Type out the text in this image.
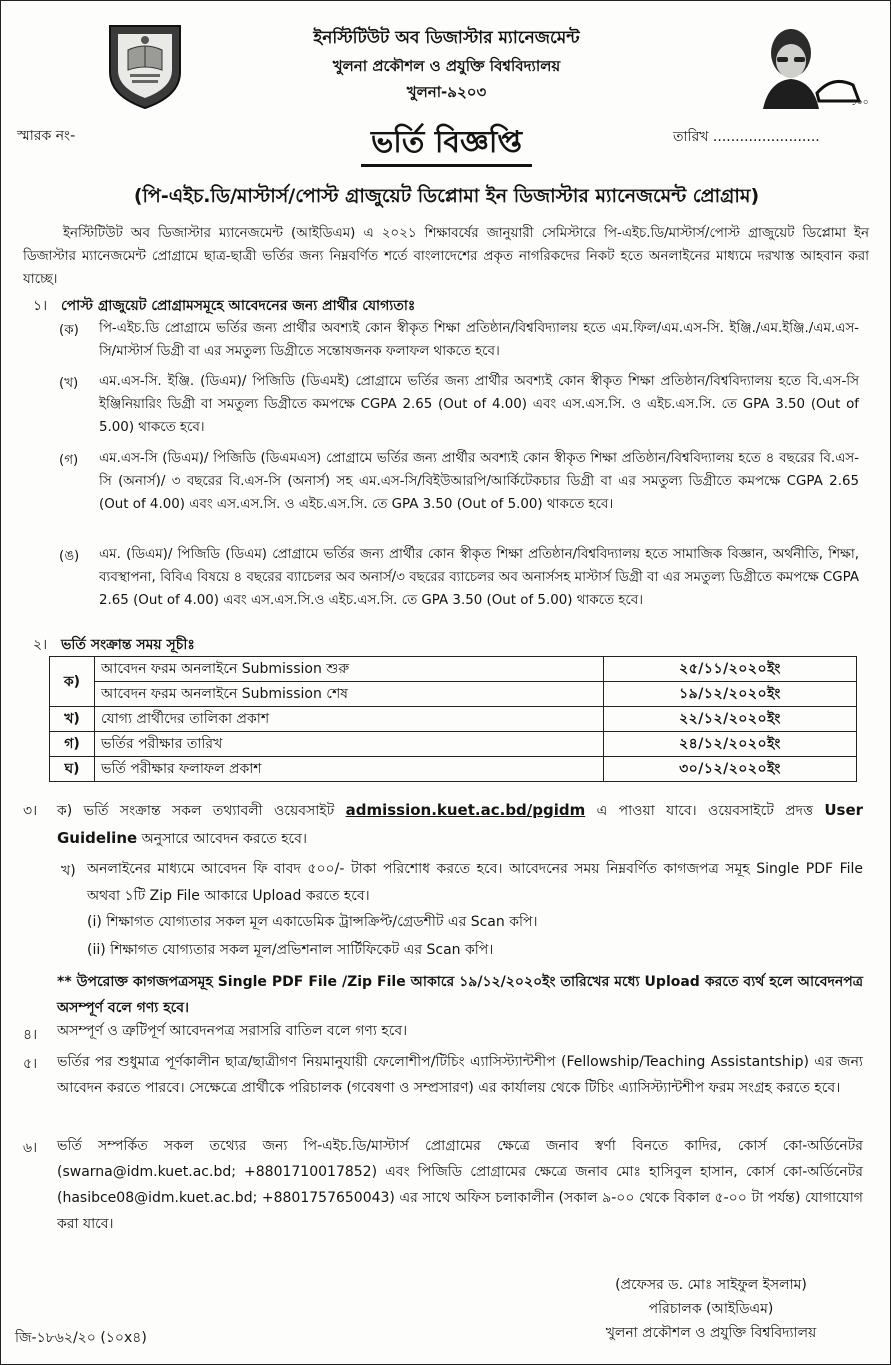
ইনস্টিটিউট অব ডিজাস্টার ম্যানেজমেন্ট
খুলনা প্রকৌশল ও প্রযুক্তি বিশ্ববিদ্যালয়
খুলনা-৯২০৩
১০০
স্মারক নং-	তারিখ ........................
ভর্তি বিজ্ঞপ্তি
(পি-এইচ.ডি/মাস্টার্স/পোস্ট গ্রাজুয়েট ডিপ্লোমা ইন ডিজাস্টার ম্যানেজমেন্ট প্রোগ্রাম)
ইনস্টিটিউট অব ডিজাস্টার ম্যানেজমেন্ট (আইডিএম) এ ২০২১ শিক্ষাবর্ষের জানুয়ারী সেমিস্টারে পি-এইচ.ডি/মাস্টার্স/পোস্ট গ্রাজুয়েট ডিপ্লোমা ইন ডিজাস্টার ম্যানেজমেন্ট প্রোগ্রামে ছাত্র-ছাত্রী ভর্তির জন্য নিম্নবর্ণিত শর্তে বাংলাদেশের প্রকৃত নাগরিকদের নিকট হতে অনলাইনের মাধ্যমে দরখাস্ত আহবান করা যাচ্ছে।
১। পোস্ট গ্রাজুয়েট প্রোগ্রামসমূহে আবেদনের জন্য প্রার্থীর যোগ্যতাঃ
(ক) পি-এইচ.ডি প্রোগ্রামে ভর্তির জন্য প্রার্থীর অবশ্যই কোন স্বীকৃত শিক্ষা প্রতিষ্ঠান/বিশ্ববিদ্যালয় হতে এম.ফিল/এম.এস-সি. ইঞ্জি./এম.ইঞ্জি./এম.এস-সি/মাস্টার্স ডিগ্রী বা এর সমতুল্য ডিগ্রীতে সন্তোষজনক ফলাফল থাকতে হবে।
(খ) এম.এস-সি. ইঞ্জি. (ডিএম)/ পিজিডি (ডিএমই) প্রোগ্রামে ভর্তির জন্য প্রার্থীর অবশ্যই কোন স্বীকৃত শিক্ষা প্রতিষ্ঠান/বিশ্ববিদ্যালয় হতে বি.এস-সি ইঞ্জিনিয়ারিং ডিগ্রী বা সমতুল্য ডিগ্রীতে কমপক্ষে CGPA 2.65 (Out of 4.00) এবং এস.এস.সি. ও এইচ.এস.সি. তে GPA 3.50 (Out of 5.00) থাকতে হবে।
(গ) এম.এস-সি (ডিএম)/ পিজিডি (ডিএমএস) প্রোগ্রামে ভর্তির জন্য প্রার্থীর অবশ্যই কোন স্বীকৃত শিক্ষা প্রতিষ্ঠান/বিশ্ববিদ্যালয় হতে ৪ বছরের বি.এস-সি (অনার্স)/ ৩ বছরের বি.এস-সি (অনার্স) সহ এম.এস-সি/বিইউআরপি/আর্কিটেকচার ডিগ্রী বা এর সমতুল্য ডিগ্রীতে কমপক্ষে CGPA 2.65 (Out of 4.00) এবং এস.এস.সি. ও এইচ.এস.সি. তে GPA 3.50 (Out of 5.00) থাকতে হবে।
(ঙ) এম. (ডিএম)/ পিজিডি (ডিএম) প্রোগ্রামে ভর্তির জন্য প্রার্থীর কোন স্বীকৃত শিক্ষা প্রতিষ্ঠান/বিশ্ববিদ্যালয় হতে সামাজিক বিজ্ঞান, অর্থনীতি, শিক্ষা, ব্যবস্থাপনা, বিবিএ বিষয়ে ৪ বছরের ব্যাচেলর অব অনার্স/৩ বছরের ব্যাচেলর অব অনার্সসহ মাস্টার্স ডিগ্রী বা এর সমতুল্য ডিগ্রীতে কমপক্ষে CGPA 2.65 (Out of 4.00) এবং এস.এস.সি.ও এইচ.এস.সি. তে GPA 3.50 (Out of 5.00) থাকতে হবে।
২। ভর্তি সংক্রান্ত সময় সূচীঃ
ক)	আবেদন ফরম অনলাইনে Submission শুরু	২৫/১১/২০২০ইং
	আবেদন ফরম অনলাইনে Submission শেষ	১৯/১২/২০২০ইং
খ)	যোগ্য প্রার্থীদের তালিকা প্রকাশ	২২/১২/২০২০ইং
গ)	ভর্তির পরীক্ষার তারিখ	২৪/১২/২০২০ইং
ঘ)	ভর্তি পরীক্ষার ফলাফল প্রকাশ	৩০/১২/২০২০ইং
৩। ক) ভর্তি সংক্রান্ত সকল তথ্যাবলী ওয়েবসাইট admission.kuet.ac.bd/pgidm এ পাওয়া যাবে। ওয়েবসাইটে প্রদত্ত User Guideline অনুসারে আবেদন করতে হবে।
খ) অনলাইনের মাধ্যমে আবেদন ফি বাবদ ৫০০/- টাকা পরিশোধ করতে হবে। আবেদনের সময় নিম্নবর্ণিত কাগজপত্র সমূহ Single PDF File অথবা ১টি Zip File আকারে Upload করতে হবে।
(i) শিক্ষাগত যোগ্যতার সকল মূল একাডেমিক ট্রান্সক্রিপ্ট/গ্রেডশীট এর Scan কপি।
(ii) শিক্ষাগত যোগ্যতার সকল মূল/প্রভিশনাল সার্টিফিকেট এর Scan কপি।
** উপরোক্ত কাগজপত্রসমূহ Single PDF File /Zip File আকারে ১৯/১২/২০২০ইং তারিখের মধ্যে Upload করতে ব্যর্থ হলে আবেদনপত্র অসম্পূর্ণ বলে গণ্য হবে।
৪। অসম্পূর্ণ ও ত্রুটিপূর্ণ আবেদনপত্র সরাসরি বাতিল বলে গণ্য হবে।
৫। ভর্তির পর শুধুমাত্র পূর্ণকালীন ছাত্র/ছাত্রীগণ নিয়মানুযায়ী ফেলোশীপ/টিচিং এ্যাসিস্ট্যান্টশীপ (Fellowship/Teaching Assistantship) এর জন্য আবেদন করতে পারবে। সেক্ষেত্রে প্রার্থীকে পরিচালক (গবেষণা ও সম্প্রসারণ) এর কার্যালয় থেকে টিচিং এ্যাসিস্ট্যান্টশীপ ফরম সংগ্রহ করতে হবে।
৬। ভর্তি সম্পর্কিত সকল তথ্যের জন্য পি-এইচ.ডি/মাস্টার্স প্রোগ্রামের ক্ষেত্রে জনাব স্বর্ণা বিনতে কাদির, কোর্স কো-অর্ডিনেটর (swarna@idm.kuet.ac.bd; +8801710017852) এবং পিজিডি প্রোগ্রামের ক্ষেত্রে জনাব মোঃ হাসিবুল হাসান, কোর্স কো-অর্ডিনেটর (hasibce08@idm.kuet.ac.bd; +8801757650043) এর সাথে অফিস চলাকালীন (সকাল ৯-০০ থেকে বিকাল ৫-০০ টা পর্যন্ত) যোগাযোগ করা যাবে।
(প্রফেসর ড. মোঃ সাইফুল ইসলাম)
পরিচালক (আইডিএম)
খুলনা প্রকৌশল ও প্রযুক্তি বিশ্ববিদ্যালয়
জি-১৮৬২/২০ (১০x৪)
